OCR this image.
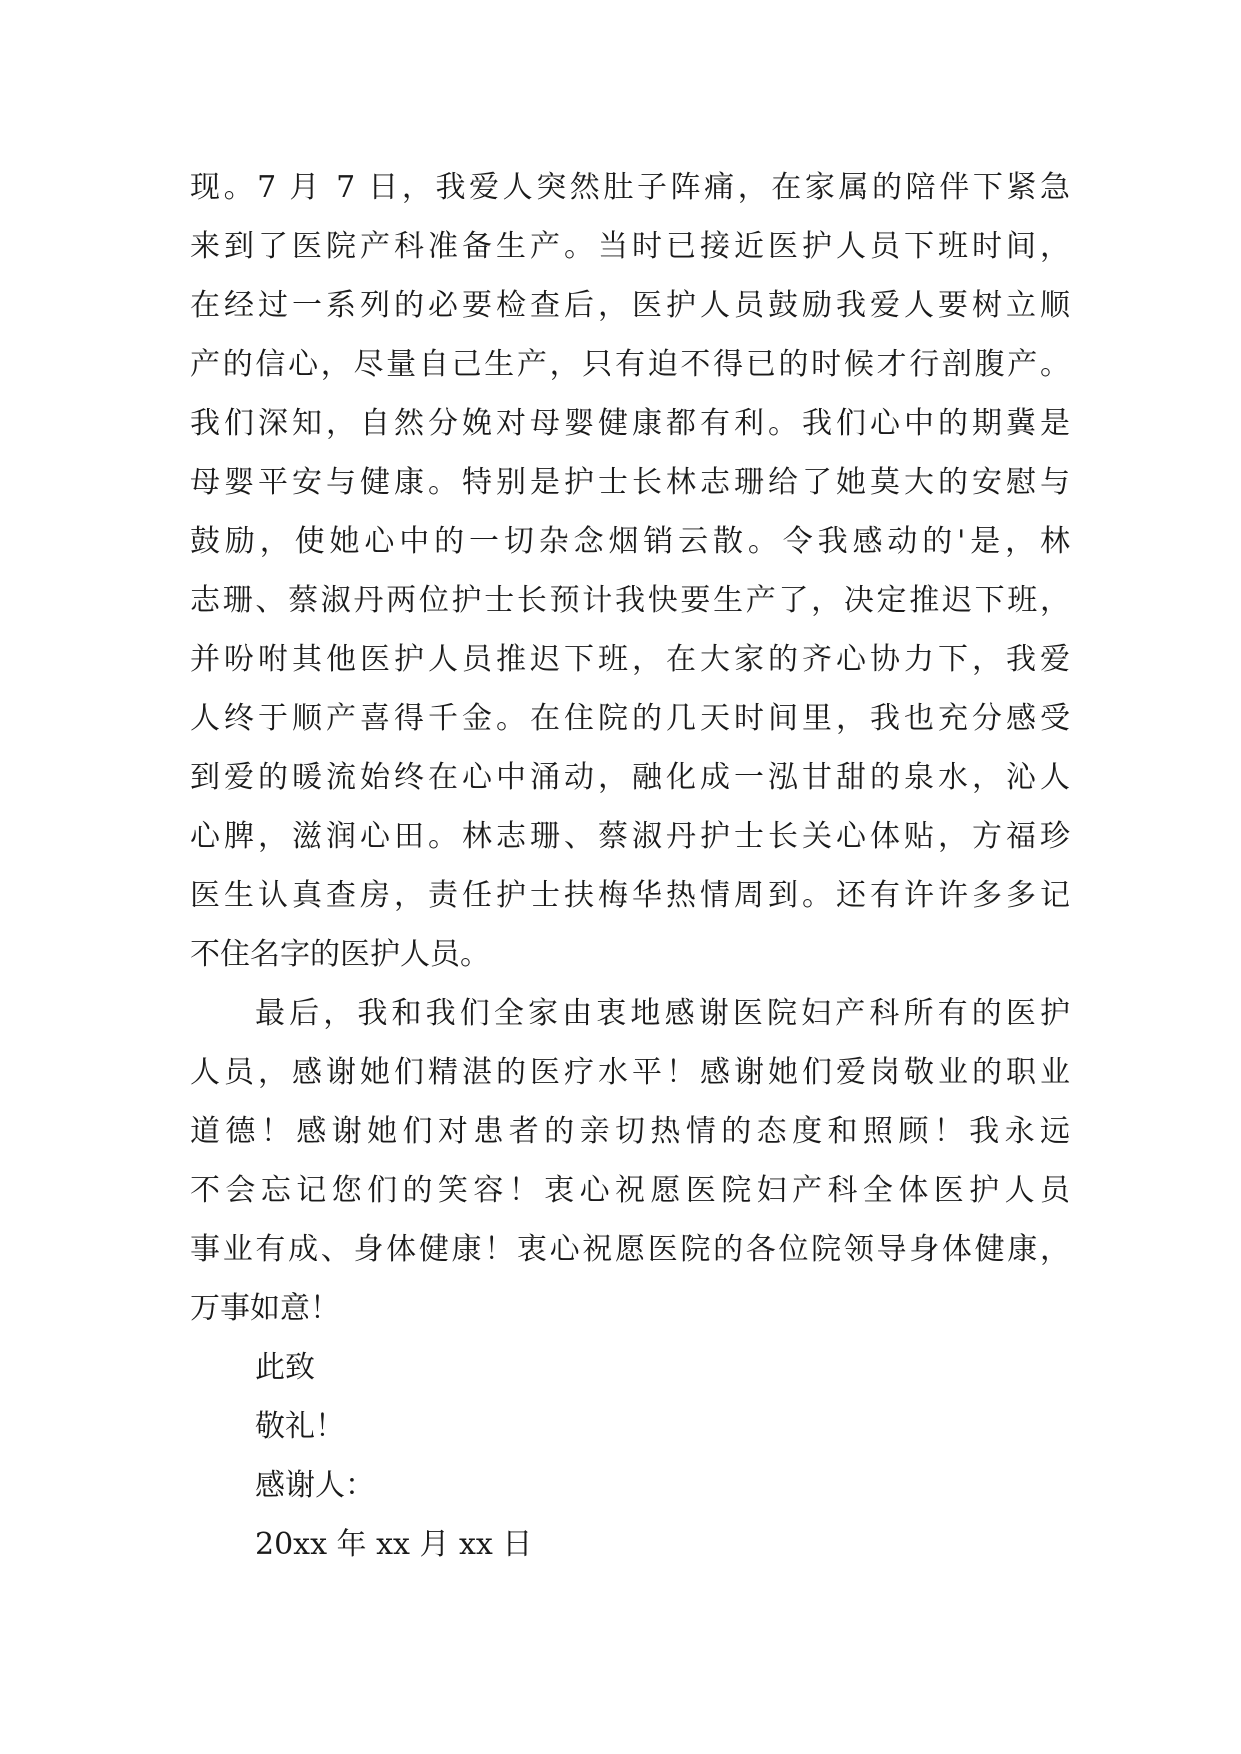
现。7 月 7 日，我爱人突然肚子阵痛，在家属的陪伴下紧急
来到了医院产科准备生产。当时已接近医护人员下班时间，
在经过一系列的必要检查后，医护人员鼓励我爱人要树立顺
产的信心，尽量自己生产，只有迫不得已的时候才行剖腹产。
我们深知，自然分娩对母婴健康都有利。我们心中的期冀是
母婴平安与健康。特别是护士长林志珊给了她莫大的安慰与
鼓励，使她心中的一切杂念烟销云散。令我感动的'是，林
志珊、蔡淑丹两位护士长预计我快要生产了，决定推迟下班，
并吩咐其他医护人员推迟下班，在大家的齐心协力下，我爱
人终于顺产喜得千金。在住院的几天时间里，我也充分感受
到爱的暖流始终在心中涌动，融化成一泓甘甜的泉水，沁人
心脾，滋润心田。林志珊、蔡淑丹护士长关心体贴，方福珍
医生认真查房，责任护士扶梅华热情周到。还有许许多多记
不住名字的医护人员。
最后，我和我们全家由衷地感谢医院妇产科所有的医护
人员，感谢她们精湛的医疗水平！感谢她们爱岗敬业的职业
道德！感谢她们对患者的亲切热情的态度和照顾！我永远
不会忘记您们的笑容！衷心祝愿医院妇产科全体医护人员
事业有成、身体健康！衷心祝愿医院的各位院领导身体健康，
万事如意！
此致
敬礼！
感谢人：
20xx 年 xx 月 xx 日
